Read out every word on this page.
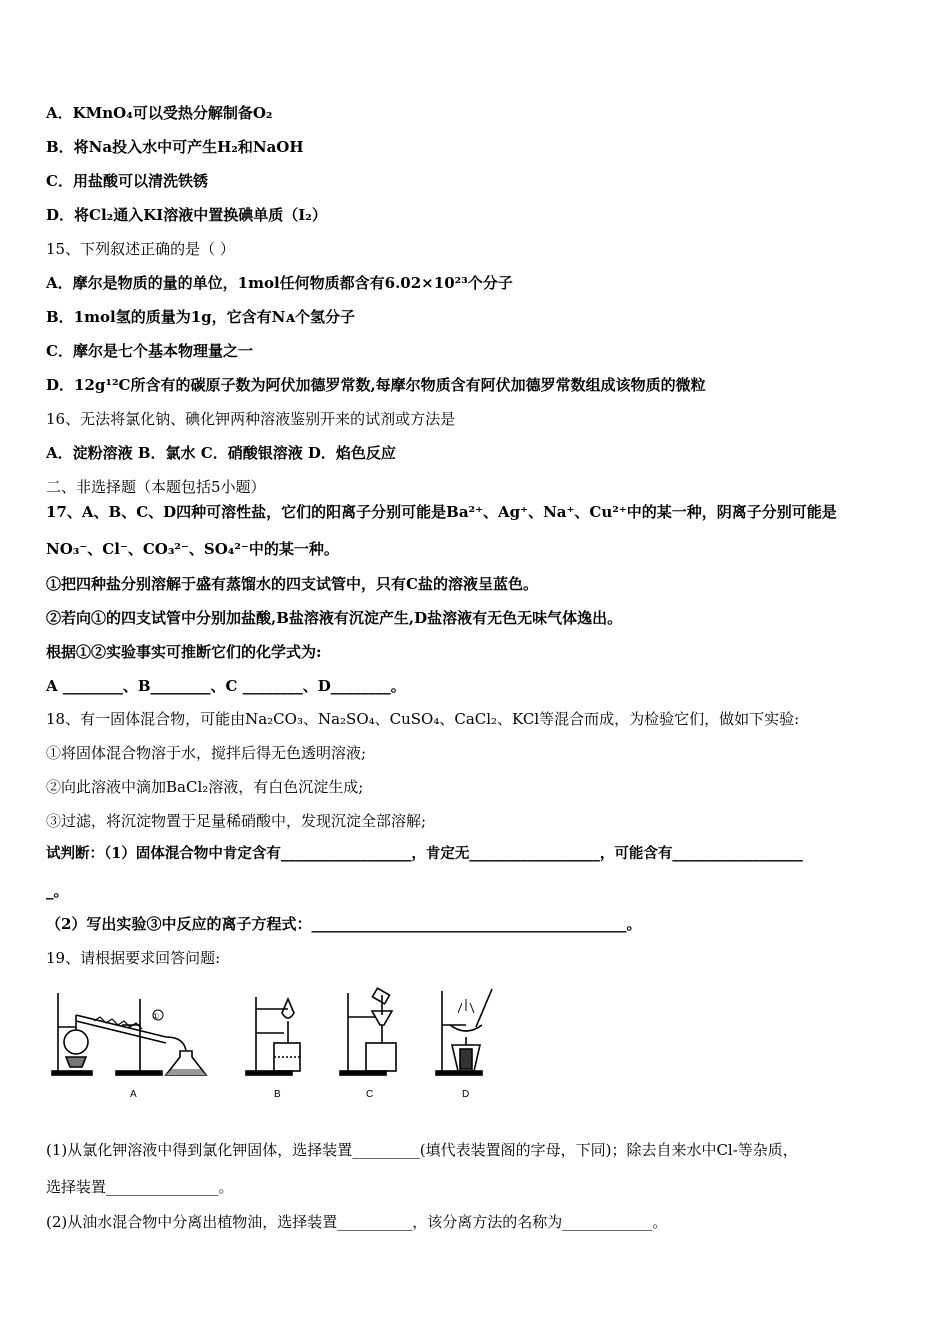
A．KMnO₄可以受热分解制备O₂
B．将Na投入水中可产生H₂和NaOH
C．用盐酸可以清洗铁锈
D．将Cl₂通入KI溶液中置换碘单质（I₂）
15、下列叙述正确的是（ ）
A．摩尔是物质的量的单位，1mol任何物质都含有6.02×10²³个分子
B．1mol氢的质量为1g，它含有Nᴀ个氢分子
C．摩尔是七个基本物理量之一
D．12g¹²C所含有的碳原子数为阿伏加德罗常数,每摩尔物质含有阿伏加德罗常数组成该物质的微粒
16、无法将氯化钠、碘化钾两种溶液鉴别开来的试剂或方法是
A．淀粉溶液 B．氯水 C．硝酸银溶液 D．焰色反应
二、非选择题（本题包括5小题）
17、A、B、C、D四种可溶性盐，它们的阳离子分别可能是Ba²⁺、Ag⁺、Na⁺、Cu²⁺中的某一种，阴离子分别可能是
NO₃⁻、Cl⁻、CO₃²⁻、SO₄²⁻中的某一种。
①把四种盐分别溶解于盛有蒸馏水的四支试管中，只有C盐的溶液呈蓝色。
②若向①的四支试管中分别加盐酸,B盐溶液有沉淀产生,D盐溶液有无色无味气体逸出。
根据①②实验事实可推断它们的化学式为:
A ________、B________、C ________、D________。
18、有一固体混合物，可能由Na₂CO₃、Na₂SO₄、CuSO₄、CaCl₂、KCl等混合而成，为检验它们，做如下实验:
①将固体混合物溶于水，搅拌后得无色透明溶液;
②向此溶液中滴加BaCl₂溶液，有白色沉淀生成;
③过滤，将沉淀物置于足量稀硝酸中，发现沉淀全部溶解;
试判断：（1）固体混合物中肯定含有__________________，肯定无__________________，可能含有__________________
_。
（2）写出实验③中反应的离子方程式：__________________________________________。
19、请根据要求回答问题:
A	B	C	D
①
(1)从氯化钾溶液中得到氯化钾固体，选择装置_________(填代表装置阁的字母，下同)；除去自来水中Cl-等杂质，
选择装置_______________。
(2)从油水混合物中分离出植物油，选择装置__________，该分离方法的名称为____________。
